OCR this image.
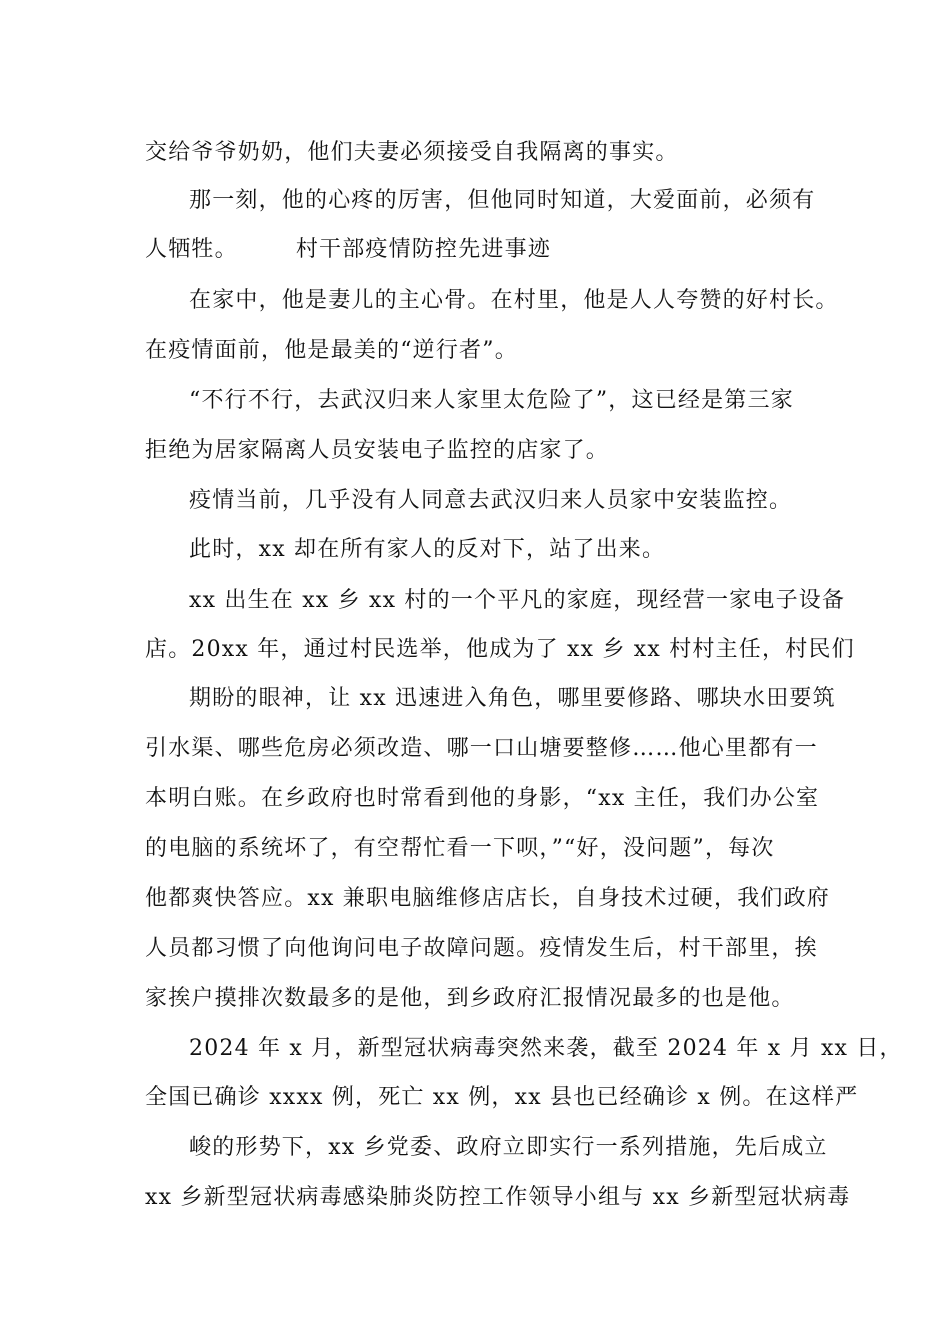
交给爷爷奶奶，他们夫妻必须接受自我隔离的事实。
那一刻，他的心疼的厉害，但他同时知道，大爱面前，必须有
人牺牲。	村干部疫情防控先进事迹
在家中，他是妻儿的主心骨。在村里，他是人人夸赞的好村长。
在疫情面前，他是最美的“逆行者”。
“不行不行，去武汉归来人家里太危险了”，这已经是第三家
拒绝为居家隔离人员安装电子监控的店家了。
疫情当前，几乎没有人同意去武汉归来人员家中安装监控。
此时，xx 却在所有家人的反对下，站了出来。
xx 出生在 xx 乡 xx 村的一个平凡的家庭，现经营一家电子设备
店。20xx 年，通过村民选举，他成为了 xx 乡 xx 村村主任，村民们
期盼的眼神，让 xx 迅速进入角色，哪里要修路、哪块水田要筑
引水渠、哪些危房必须改造、哪一口山塘要整修……他心里都有一
本明白账。在乡政府也时常看到他的身影，“xx 主任，我们办公室
的电脑的系统坏了，有空帮忙看一下呗，”“好，没问题”，每次
他都爽快答应。xx 兼职电脑维修店店长，自身技术过硬，我们政府
人员都习惯了向他询问电子故障问题。疫情发生后，村干部里，挨
家挨户摸排次数最多的是他，到乡政府汇报情况最多的也是他。
2024 年 x 月，新型冠状病毒突然来袭，截至 2024 年 x 月 xx 日，
全国已确诊 xxxx 例，死亡 xx 例，xx 县也已经确诊 x 例。在这样严
峻的形势下，xx 乡党委、政府立即实行一系列措施，先后成立
xx 乡新型冠状病毒感染肺炎防控工作领导小组与 xx 乡新型冠状病毒
